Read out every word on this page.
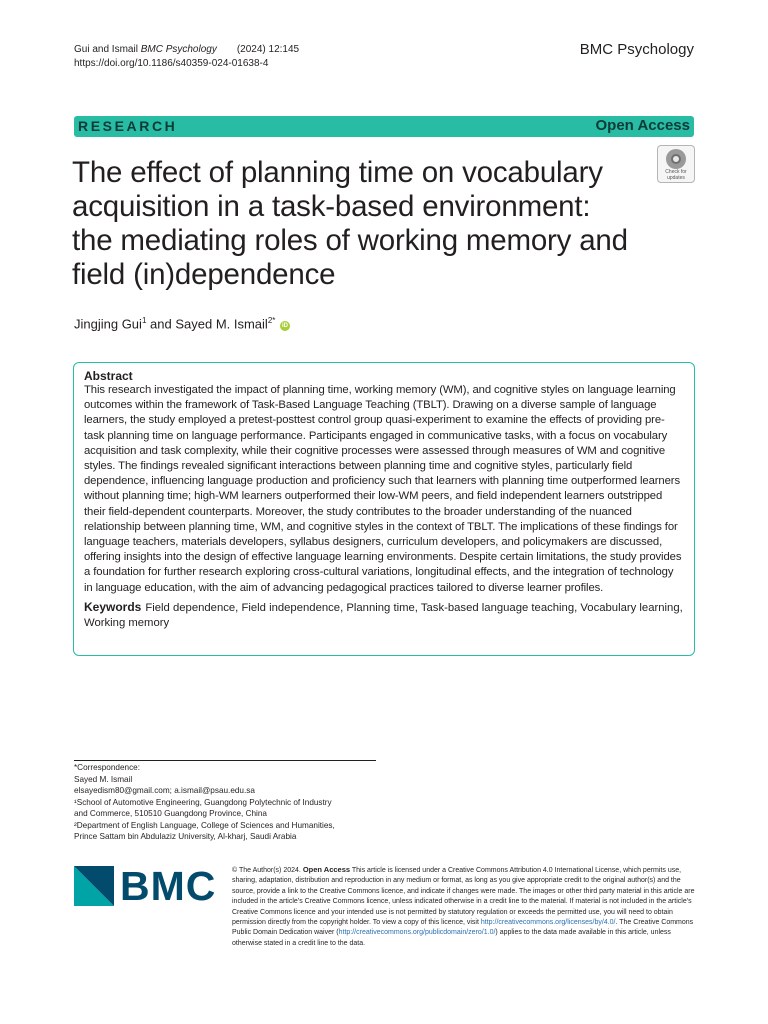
Gui and Ismail BMC Psychology (2024) 12:145
https://doi.org/10.1186/s40359-024-01638-4
BMC Psychology
RESEARCH	Open Access
Check for
updates
The effect of planning time on vocabulary acquisition in a task-based environment: the mediating roles of working memory and field (in)dependence
Jingjing Gui$^1$ and Sayed M. Ismail$^{2*}$ iD
Abstract
This research investigated the impact of planning time, working memory (WM), and cognitive styles on language learning outcomes within the framework of Task-Based Language Teaching (TBLT). Drawing on a diverse sample of language learners, the study employed a pretest-posttest control group quasi-experiment to examine the effects of providing pre-task planning time on language performance. Participants engaged in communicative tasks, with a focus on vocabulary acquisition and task complexity, while their cognitive processes were assessed through measures of WM and cognitive styles. The findings revealed significant interactions between planning time and cognitive styles, particularly field dependence, influencing language production and proficiency such that learners with planning time outperformed learners without planning time; high-WM learners outperformed their low-WM peers, and field independent learners outstripped their field-dependent counterparts. Moreover, the study contributes to the broader understanding of the nuanced relationship between planning time, WM, and cognitive styles in the context of TBLT. The implications of these findings for language teachers, materials developers, syllabus designers, curriculum developers, and policymakers are discussed, offering insights into the design of effective language learning environments. Despite certain limitations, the study provides a foundation for further research exploring cross-cultural variations, longitudinal effects, and the integration of technology in language education, with the aim of advancing pedagogical practices tailored to diverse learner profiles.
Keywords Field dependence, Field independence, Planning time, Task-based language teaching, Vocabulary learning, Working memory
*Correspondence:
Sayed M. Ismail
elsayedism80@gmail.com; a.ismail@psau.edu.sa
¹School of Automotive Engineering, Guangdong Polytechnic of Industry
and Commerce, 510510 Guangdong Province, China
²Department of English Language, College of Sciences and Humanities,
Prince Sattam bin Abdulaziz University, Al-kharj, Saudi Arabia
BMC © The Author(s) 2024. Open Access This article is licensed under a Creative Commons Attribution 4.0 International License, which permits use, sharing, adaptation, distribution and reproduction in any medium or format, as long as you give appropriate credit to the original author(s) and the source, provide a link to the Creative Commons licence, and indicate if changes were made. The images or other third party material in this article are included in the article’s Creative Commons licence, unless indicated otherwise in a credit line to the material. If material is not included in the article’s Creative Commons licence and your intended use is not permitted by statutory regulation or exceeds the permitted use, you will need to obtain permission directly from the copyright holder. To view a copy of this licence, visit http://creativecommons.org/licenses/by/4.0/. The Creative Commons Public Domain Dedication waiver (http://creativecommons.org/publicdomain/zero/1.0/) applies to the data made available in this article, unless otherwise stated in a credit line to the data.
